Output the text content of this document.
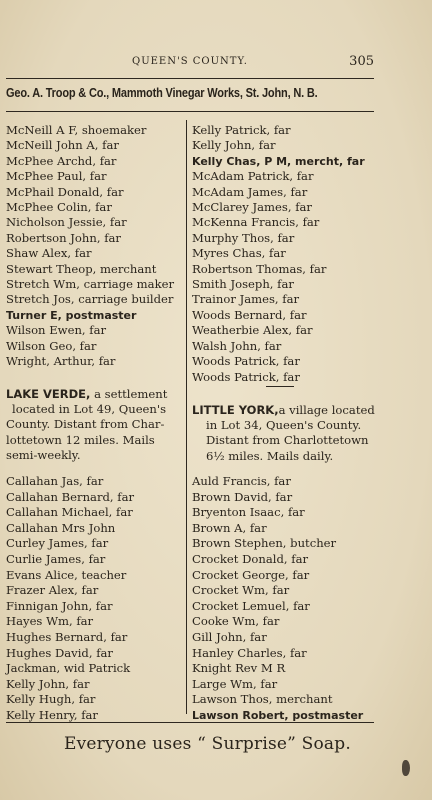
QUEEN'S COUNTY.	305
Geo. A. Troop & Co., Mammoth Vinegar Works, St. John, N. B.
McNeill A F, shoemaker
McNeill John A, far
McPhee Archd, far
McPhee Paul, far
McPhail Donald, far
McPhee Colin, far
Nicholson Jessie, far
Robertson John, far
Shaw Alex, far
Stewart Theop, merchant
Stretch Wm, carriage maker
Stretch Jos, carriage builder
Turner E, postmaster
Wilson Ewen, far
Wilson Geo, far
Wright, Arthur, far
Kelly Patrick, far
Kelly John, far
Kelly Chas, P M, mercht, far
McAdam Patrick, far
McAdam James, far
McClarey James, far
McKenna Francis, far
Murphy Thos, far
Myres Chas, far
Robertson Thomas, far
Smith Joseph, far
Trainor James, far
Woods Bernard, far
Weatherbie Alex, far
Walsh John, far
Woods Patrick, far
Woods Patrick, far
LAKE VERDE, a settlement
located in Lot 49, Queen's
County. Distant from Char-
lottetown 12 miles. Mails
semi-weekly.
LITTLE YORK,a village located
in Lot 34, Queen's County.
Distant from Charlottetown
6½ miles. Mails daily.
Callahan Jas, far
Callahan Bernard, far
Callahan Michael, far
Callahan Mrs John
Curley James, far
Curlie James, far
Evans Alice, teacher
Frazer Alex, far
Finnigan John, far
Hayes Wm, far
Hughes Bernard, far
Hughes David, far
Jackman, wid Patrick
Kelly John, far
Kelly Hugh, far
Kelly Henry, far
Auld Francis, far
Brown David, far
Bryenton Isaac, far
Brown A, far
Brown Stephen, butcher
Crocket Donald, far
Crocket George, far
Crocket Wm, far
Crocket Lemuel, far
Cooke Wm, far
Gill John, far
Hanley Charles, far
Knight Rev M R
Large Wm, far
Lawson Thos, merchant
Lawson Robert, postmaster
Everyone uses “ Surprise” Soap.
